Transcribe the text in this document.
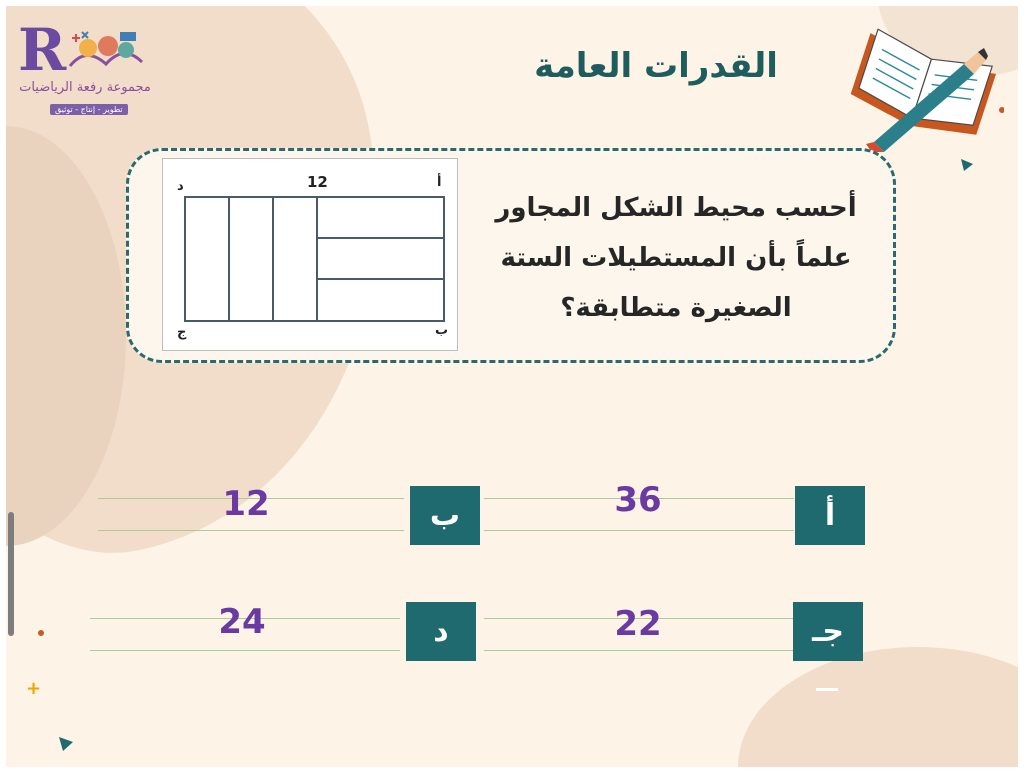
R
مجموعة رفعة الرياضيات
تطوير - إنتاج - توثيق
القدرات العامة
أحسب محيط الشكل المجاور
علماً بأن المستطيلات الستة
الصغيرة متطابقة؟
د	أ
ج	ب
12
12	ب	36	أ
24	د	22	جـ
+
